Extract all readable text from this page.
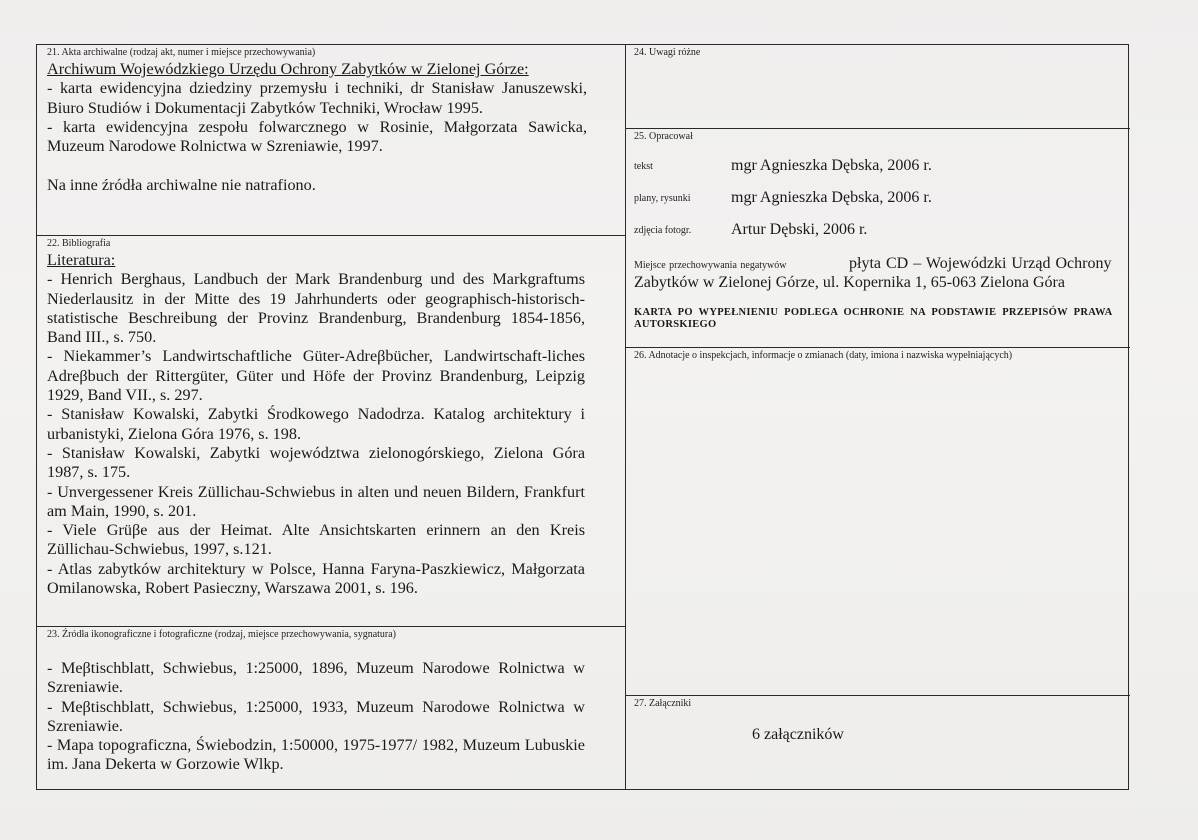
21. Akta archiwalne (rodzaj akt, numer i miejsce przechowywania)

Archiwum Wojewódzkiego Urzędu Ochrony Zabytków w Zielonej Górze:

- karta ewidencyjna dziedziny przemysłu i techniki, dr Stanisław Januszewski, Biuro Studiów i Dokumentacji Zabytków Techniki, Wrocław 1995.

- karta ewidencyjna zespołu folwarcznego w Rosinie, Małgorzata Sawicka, Muzeum Narodowe Rolnictwa w Szreniawie, 1997.

Na inne źródła archiwalne nie natrafiono.

22. Bibliografia

Literatura:

- Henrich Berghaus, Landbuch der Mark Brandenburg und des Markgraftums Niederlausitz in der Mitte des 19 Jahrhunderts oder geographisch-historisch-statistische Beschreibung der Provinz Brandenburg, Brandenburg 1854-1856, Band III., s. 750.

- Niekammer’s Landwirtschaftliche Güter-Adreβbücher, Landwirtschaft-liches Adreβbuch der Rittergüter, Güter und Höfe der Provinz Brandenburg, Leipzig 1929, Band VII., s. 297.

- Stanisław Kowalski, Zabytki Środkowego Nadodrza. Katalog architektury i urbanistyki, Zielona Góra 1976, s. 198.

- Stanisław Kowalski, Zabytki województwa zielonogórskiego, Zielona Góra 1987, s. 175.

- Unvergessener Kreis Züllichau-Schwiebus in alten und neuen Bildern, Frankfurt am Main, 1990, s. 201.

- Viele Grüβe aus der Heimat. Alte Ansichtskarten erinnern an den Kreis Züllichau-Schwiebus, 1997, s.121.

- Atlas zabytków architektury w Polsce, Hanna Faryna-Paszkiewicz, Małgorzata Omilanowska, Robert Pasieczny, Warszawa 2001, s. 196.

23. Źródła ikonograficzne i fotograficzne (rodzaj, miejsce przechowywania, sygnatura)

- Meβtischblatt, Schwiebus, 1:25000, 1896, Muzeum Narodowe Rolnictwa w Szreniawie.

- Meβtischblatt, Schwiebus, 1:25000, 1933, Muzeum Narodowe Rolnictwa w Szreniawie.

- Mapa topograficzna, Świebodzin, 1:50000, 1975-1977/ 1982, Muzeum Lubuskie im. Jana Dekerta w Gorzowie Wlkp.

24. Uwagi różne
25. Opracował
tekst	mgr Agnieszka Dębska, 2006 r.
plany, rysunki	mgr Agnieszka Dębska, 2006 r.
zdjęcia fotogr. Artur Dębski, 2006 r.
Miejsce przechowywania negatywów	płyta CD – Wojewódzki Urząd Ochrony
Zabytków w Zielonej Górze, ul. Kopernika 1, 65-063 Zielona Góra
KARTA PO WYPEŁNIENIU PODLEGA OCHRONIE NA PODSTAWIE PRZEPISÓW PRAWA AUTORSKIEGO
26. Adnotacje o inspekcjach, informacje o zmianach (daty, imiona i nazwiska wypełniających)
27. Załączniki
6 załączników
